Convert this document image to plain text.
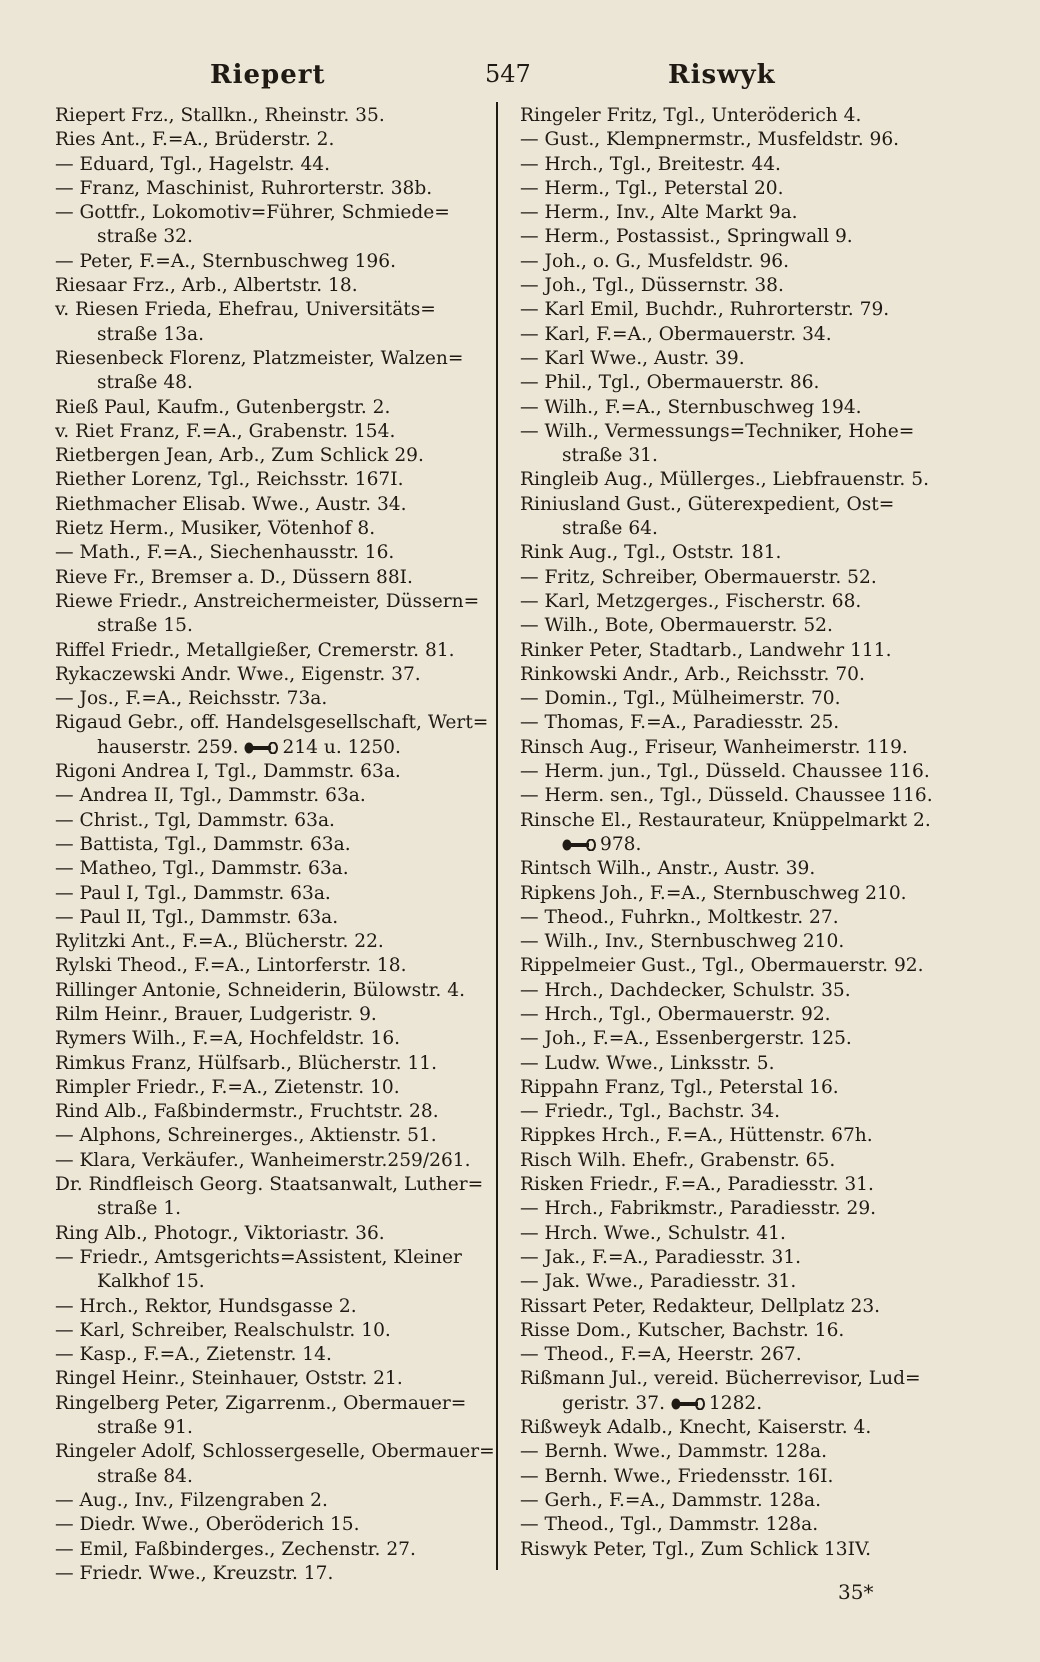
Riepert	547	Riswyk
Riepert Frz., Stallkn., Rheinstr. 35.
Ries Ant., F.=A., Brüderstr. 2.
— Eduard, Tgl., Hagelstr. 44.
— Franz, Maschinist, Ruhrorterstr. 38b.
— Gottfr., Lokomotiv=Führer, Schmiede=
straße 32.
— Peter, F.=A., Sternbuschweg 196.
Riesaar Frz., Arb., Albertstr. 18.
v. Riesen Frieda, Ehefrau, Universitäts=
straße 13a.
Riesenbeck Florenz, Platzmeister, Walzen=
straße 48.
Rieß Paul, Kaufm., Gutenbergstr. 2.
v. Riet Franz, F.=A., Grabenstr. 154.
Rietbergen Jean, Arb., Zum Schlick 29.
Riether Lorenz, Tgl., Reichsstr. 167I.
Riethmacher Elisab. Wwe., Austr. 34.
Rietz Herm., Musiker, Vötenhof 8.
— Math., F.=A., Siechenhausstr. 16.
Rieve Fr., Bremser a. D., Düssern 88I.
Riewe Friedr., Anstreichermeister, Düssern=
straße 15.
Riffel Friedr., Metallgießer, Cremerstr. 81.
Rykaczewski Andr. Wwe., Eigenstr. 37.
— Jos., F.=A., Reichsstr. 73a.
Rigaud Gebr., off. Handelsgesellschaft, Wert=
hauserstr. 259. 214 u. 1250.
Rigoni Andrea I, Tgl., Dammstr. 63a.
— Andrea II, Tgl., Dammstr. 63a.
— Christ., Tgl, Dammstr. 63a.
— Battista, Tgl., Dammstr. 63a.
— Matheo, Tgl., Dammstr. 63a.
— Paul I, Tgl., Dammstr. 63a.
— Paul II, Tgl., Dammstr. 63a.
Rylitzki Ant., F.=A., Blücherstr. 22.
Rylski Theod., F.=A., Lintorferstr. 18.
Rillinger Antonie, Schneiderin, Bülowstr. 4.
Rilm Heinr., Brauer, Ludgeristr. 9.
Rymers Wilh., F.=A, Hochfeldstr. 16.
Rimkus Franz, Hülfsarb., Blücherstr. 11.
Rimpler Friedr., F.=A., Zietenstr. 10.
Rind Alb., Faßbindermstr., Fruchtstr. 28.
— Alphons, Schreinerges., Aktienstr. 51.
— Klara, Verkäufer., Wanheimerstr.259/261.
Dr. Rindfleisch Georg. Staatsanwalt, Luther=
straße 1.
Ring Alb., Photogr., Viktoriastr. 36.
— Friedr., Amtsgerichts=Assistent, Kleiner
Kalkhof 15.
— Hrch., Rektor, Hundsgasse 2.
— Karl, Schreiber, Realschulstr. 10.
— Kasp., F.=A., Zietenstr. 14.
Ringel Heinr., Steinhauer, Oststr. 21.
Ringelberg Peter, Zigarrenm., Obermauer=
straße 91.
Ringeler Adolf, Schlossergeselle, Obermauer=
straße 84.
— Aug., Inv., Filzengraben 2.
— Diedr. Wwe., Oberöderich 15.
— Emil, Faßbinderges., Zechenstr. 27.
— Friedr. Wwe., Kreuzstr. 17.
Ringeler Fritz, Tgl., Unteröderich 4.
— Gust., Klempnermstr., Musfeldstr. 96.
— Hrch., Tgl., Breitestr. 44.
— Herm., Tgl., Peterstal 20.
— Herm., Inv., Alte Markt 9a.
— Herm., Postassist., Springwall 9.
— Joh., o. G., Musfeldstr. 96.
— Joh., Tgl., Düssernstr. 38.
— Karl Emil, Buchdr., Ruhrorterstr. 79.
— Karl, F.=A., Obermauerstr. 34.
— Karl Wwe., Austr. 39.
— Phil., Tgl., Obermauerstr. 86.
— Wilh., F.=A., Sternbuschweg 194.
— Wilh., Vermessungs=Techniker, Hohe=
straße 31.
Ringleib Aug., Müllerges., Liebfrauenstr. 5.
Riniusland Gust., Güterexpedient, Ost=
straße 64.
Rink Aug., Tgl., Oststr. 181.
— Fritz, Schreiber, Obermauerstr. 52.
— Karl, Metzgerges., Fischerstr. 68.
— Wilh., Bote, Obermauerstr. 52.
Rinker Peter, Stadtarb., Landwehr 111.
Rinkowski Andr., Arb., Reichsstr. 70.
— Domin., Tgl., Mülheimerstr. 70.
— Thomas, F.=A., Paradiesstr. 25.
Rinsch Aug., Friseur, Wanheimerstr. 119.
— Herm. jun., Tgl., Düsseld. Chaussee 116.
— Herm. sen., Tgl., Düsseld. Chaussee 116.
Rinsche El., Restaurateur, Knüppelmarkt 2.
978.
Rintsch Wilh., Anstr., Austr. 39.
Ripkens Joh., F.=A., Sternbuschweg 210.
— Theod., Fuhrkn., Moltkestr. 27.
— Wilh., Inv., Sternbuschweg 210.
Rippelmeier Gust., Tgl., Obermauerstr. 92.
— Hrch., Dachdecker, Schulstr. 35.
— Hrch., Tgl., Obermauerstr. 92.
— Joh., F.=A., Essenbergerstr. 125.
— Ludw. Wwe., Linksstr. 5.
Rippahn Franz, Tgl., Peterstal 16.
— Friedr., Tgl., Bachstr. 34.
Rippkes Hrch., F.=A., Hüttenstr. 67h.
Risch Wilh. Ehefr., Grabenstr. 65.
Risken Friedr., F.=A., Paradiesstr. 31.
— Hrch., Fabrikmstr., Paradiesstr. 29.
— Hrch. Wwe., Schulstr. 41.
— Jak., F.=A., Paradiesstr. 31.
— Jak. Wwe., Paradiesstr. 31.
Rissart Peter, Redakteur, Dellplatz 23.
Risse Dom., Kutscher, Bachstr. 16.
— Theod., F.=A, Heerstr. 267.
Rißmann Jul., vereid. Bücherrevisor, Lud=
geristr. 37. 1282.
Rißweyk Adalb., Knecht, Kaiserstr. 4.
— Bernh. Wwe., Dammstr. 128a.
— Bernh. Wwe., Friedensstr. 16I.
— Gerh., F.=A., Dammstr. 128a.
— Theod., Tgl., Dammstr. 128a.
Riswyk Peter, Tgl., Zum Schlick 13IV.
35*
